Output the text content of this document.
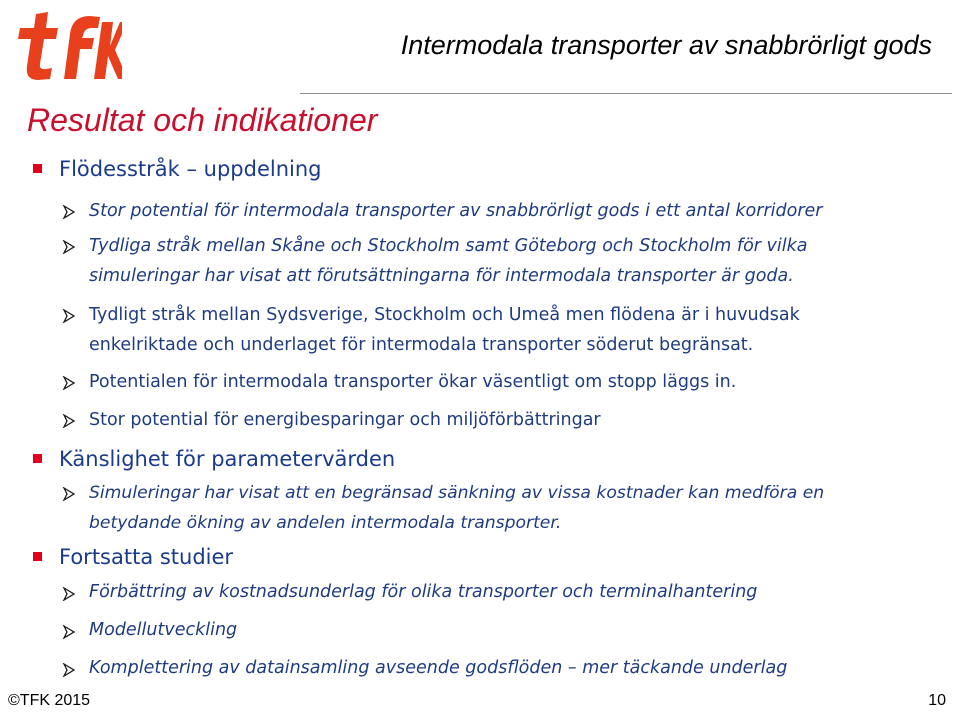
TFK	Intermodala transporter av snabbrörligt gods
Resultat och indikationer

Flödesstråk – uppdelning

Stor potential för intermodala transporter av snabbrörligt gods i ett antal korridorer

Tydliga stråk mellan Skåne och Stockholm samt Göteborg och Stockholm för vilka

simuleringar har visat att förutsättningarna för intermodala transporter är goda.

Tydligt stråk mellan Sydsverige, Stockholm och Umeå men flödena är i huvudsak

enkelriktade och underlaget för intermodala transporter söderut begränsat.

Potentialen för intermodala transporter ökar väsentligt om stopp läggs in.

Stor potential för energibesparingar och miljöförbättringar

Känslighet för parametervärden

Simuleringar har visat att en begränsad sänkning av vissa kostnader kan medföra en

betydande ökning av andelen intermodala transporter.

Fortsatta studier

Förbättring av kostnadsunderlag för olika transporter och terminalhantering

Modellutveckling

Komplettering av datainsamling avseende godsflöden – mer täckande underlag

©TFK 2015	10
